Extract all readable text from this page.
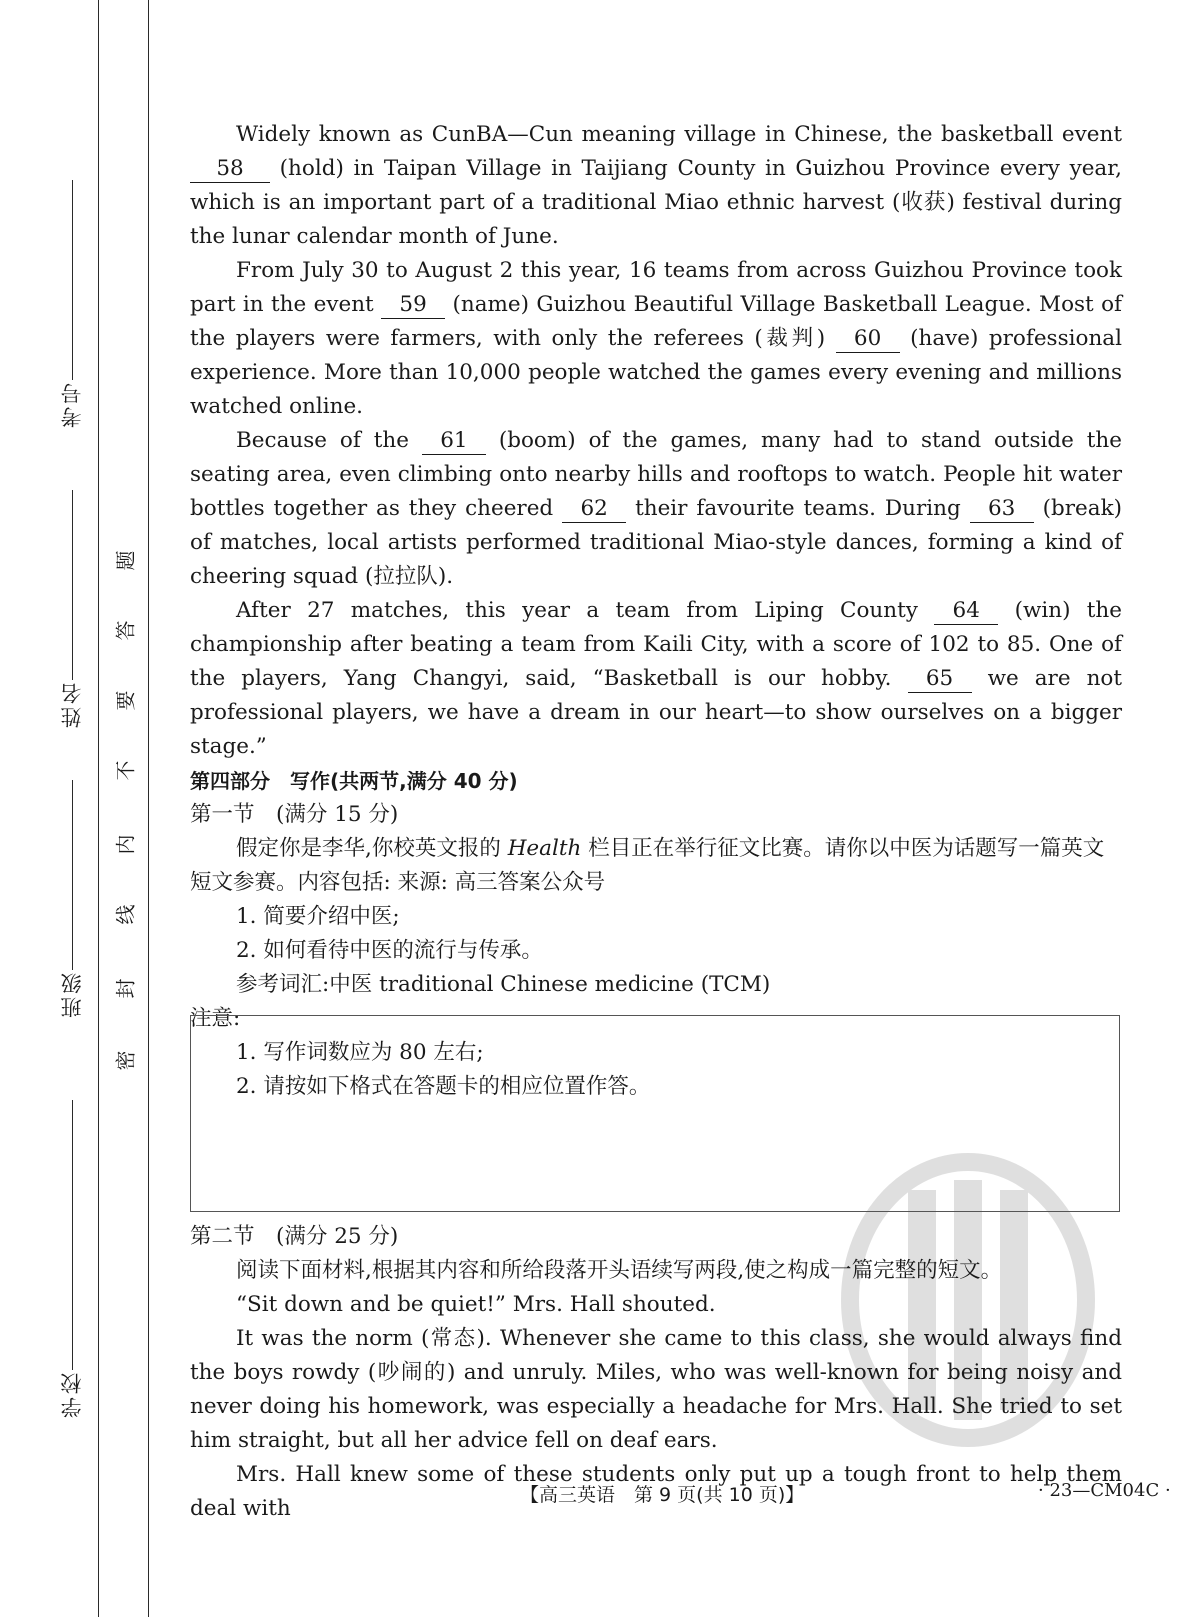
考号
姓名
班级
学校
题
答
要
不
内
线
封
密

Widely known as CunBA—Cun meaning village in Chinese, the basketball event 58 (hold) in Taipan Village in Taijiang County in Guizhou Province every year, which is an important part of a traditional Miao ethnic harvest (收获) festival during the lunar calendar month of June.

From July 30 to August 2 this year, 16 teams from across Guizhou Province took part in the event 59 (name) Guizhou Beautiful Village Basketball League. Most of the players were farmers, with only the referees (裁判) 60 (have) professional experience. More than 10,000 people watched the games every evening and millions watched online.

Because of the 61 (boom) of the games, many had to stand outside the seating area, even climbing onto nearby hills and rooftops to watch. People hit water bottles together as they cheered 62 their favourite teams. During 63 (break) of matches, local artists performed traditional Miao-style dances, forming a kind of cheering squad (拉拉队).

After 27 matches, this year a team from Liping County 64 (win) the championship after beating a team from Kaili City, with a score of 102 to 85. One of the players, Yang Changyi, said, “Basketball is our hobby. 65 we are not professional players, we have a dream in our heart—to show ourselves on a bigger stage.”

第四部分　写作(共两节,满分 40 分)

第一节　(满分 15 分)

假定你是李华,你校英文报的 Health 栏目正在举行征文比赛。请你以中医为话题写一篇英文短文参赛。内容包括: 来源: 高三答案公众号

1. 简要介绍中医;

2. 如何看待中医的流行与传承。

参考词汇:中医 traditional Chinese medicine (TCM)

注意:

1. 写作词数应为 80 左右;

2. 请按如下格式在答题卡的相应位置作答。

第二节　(满分 25 分)

阅读下面材料,根据其内容和所给段落开头语续写两段,使之构成一篇完整的短文。

“Sit down and be quiet!” Mrs. Hall shouted.

It was the norm (常态). Whenever she came to this class, she would always find the boys rowdy (吵闹的) and unruly. Miles, who was well-known for being noisy and never doing his homework, was especially a headache for Mrs. Hall. She tried to set him straight, but all her advice fell on deaf ears.

Mrs. Hall knew some of these students only put up a tough front to help them deal with

【高三英语　第 9 页(共 10 页)】	· 23—CM04C ·
